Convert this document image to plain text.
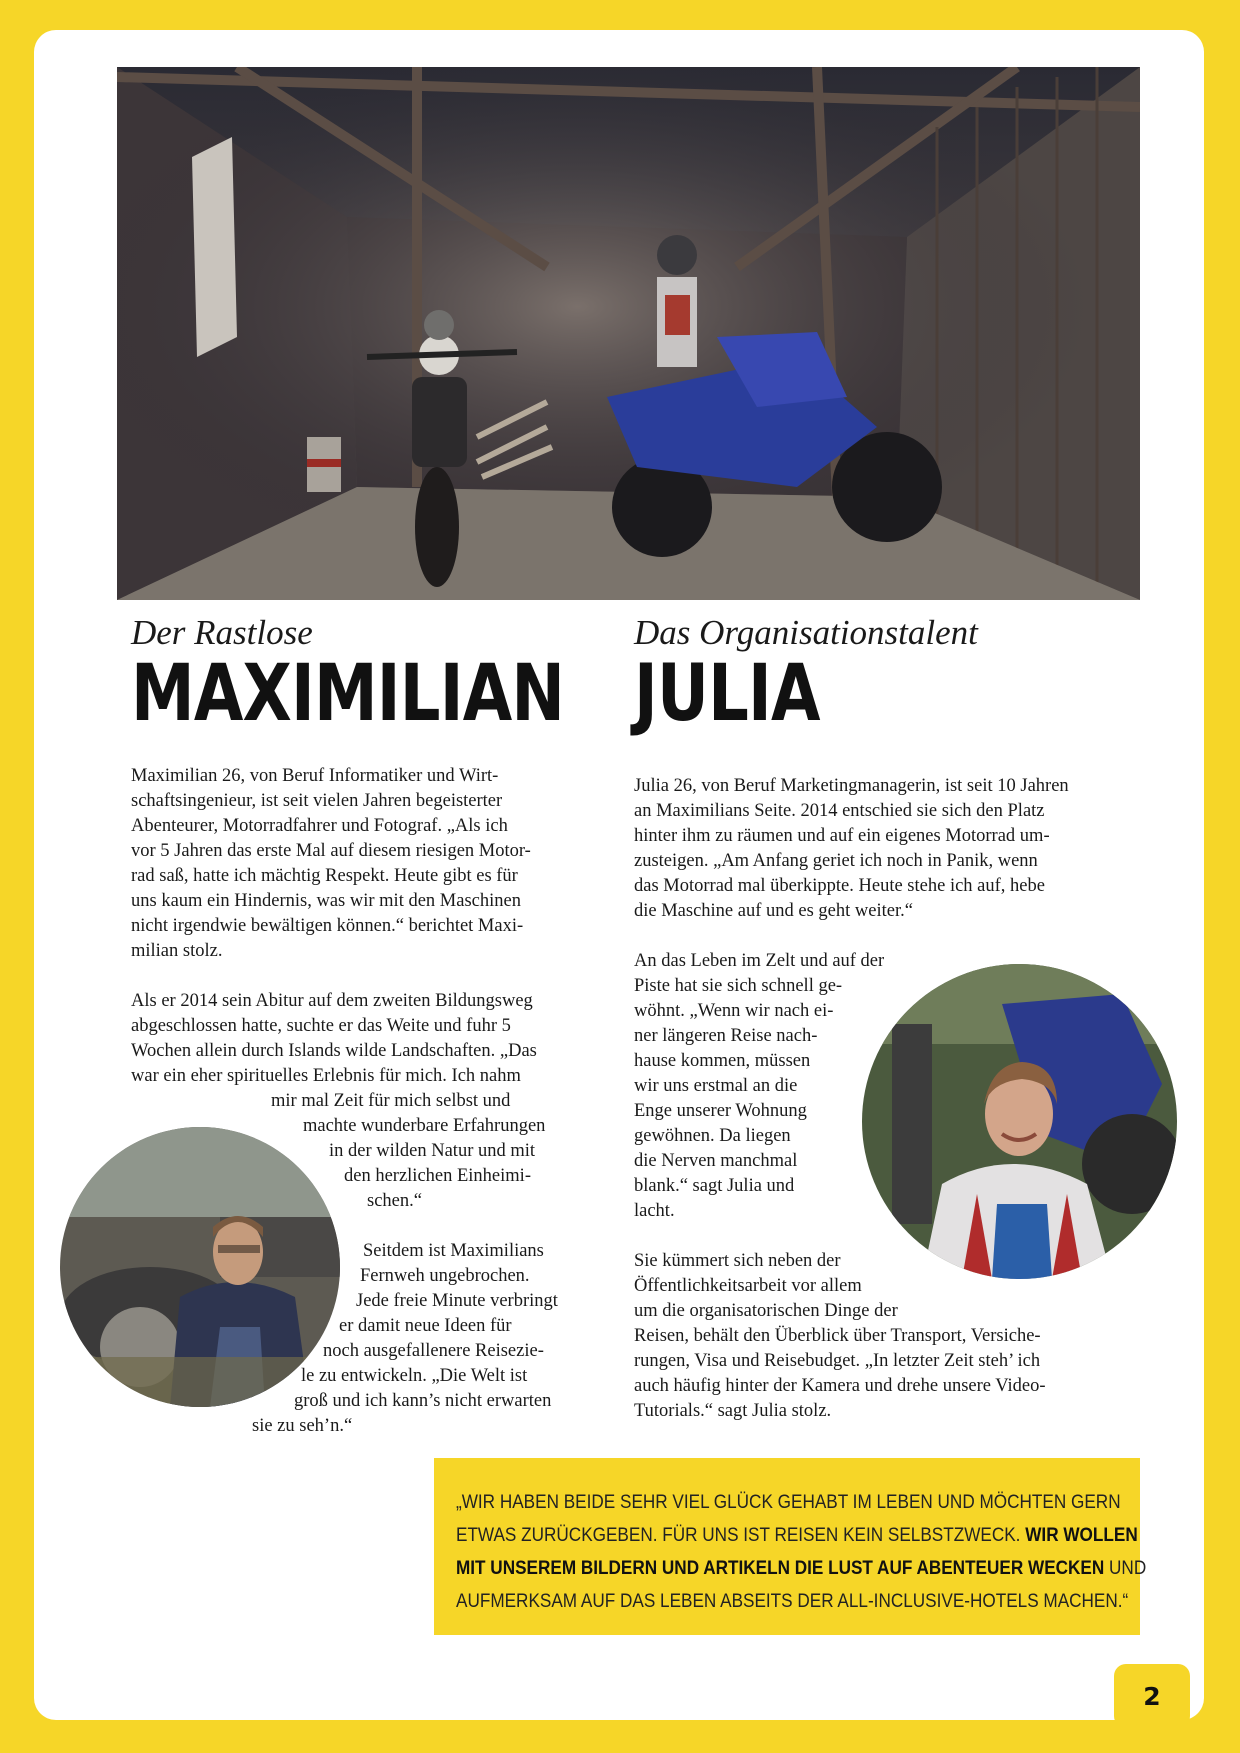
Der Rastlose

MAXIMILIAN

Maximilian 26, von Beruf Informatiker und Wirt-

schaftsingenieur, ist seit vielen Jahren begeisterter

Abenteurer, Motorradfahrer und Fotograf. „Als ich

vor 5 Jahren das erste Mal auf diesem riesigen Motor-

rad saß, hatte ich mächtig Respekt. Heute gibt es für

uns kaum ein Hindernis, was wir mit den Maschinen

nicht irgendwie bewältigen können.“ berichtet Maxi-

milian stolz.

Als er 2014 sein Abitur auf dem zweiten Bildungsweg

abgeschlossen hatte, suchte er das Weite und fuhr 5

Wochen allein durch Islands wilde Landschaften. „Das

war ein eher spirituelles Erlebnis für mich. Ich nahm

mir mal Zeit für mich selbst und

machte wunderbare Erfahrungen

in der wilden Natur und mit

den herzlichen Einheimi-

schen.“

Seitdem ist Maximilians

Fernweh ungebrochen.

Jede freie Minute verbringt

er damit neue Ideen für

noch ausgefallenere Reisezie-

le zu entwickeln. „Die Welt ist

groß und ich kann’s nicht erwarten

sie zu seh’n.“

Das Organisationstalent

JULIA

Julia 26, von Beruf Marketingmanagerin, ist seit 10 Jahren

an Maximilians Seite. 2014 entschied sie sich den Platz

hinter ihm zu räumen und auf ein eigenes Motorrad um-

zusteigen. „Am Anfang geriet ich noch in Panik, wenn

das Motorrad mal überkippte. Heute stehe ich auf, hebe

die Maschine auf und es geht weiter.“

An das Leben im Zelt und auf der

Piste hat sie sich schnell ge-

wöhnt. „Wenn wir nach ei-

ner längeren Reise nach-

hause kommen, müssen

wir uns erstmal an die

Enge unserer Wohnung

gewöhnen. Da liegen

die Nerven manchmal

blank.“ sagt Julia und

lacht.

Sie kümmert sich neben der

Öffentlichkeitsarbeit vor allem

um die organisatorischen Dinge der

Reisen, behält den Überblick über Transport, Versiche-

rungen, Visa und Reisebudget. „In letzter Zeit steh’ ich

auch häufig hinter der Kamera und drehe unsere Video-

Tutorials.“ sagt Julia stolz.

„WIR HABEN BEIDE SEHR VIEL GLÜCK GEHABT IM LEBEN UND MÖCHTEN GERN

ETWAS ZURÜCKGEBEN. FÜR UNS IST REISEN KEIN SELBSTZWECK. WIR WOLLEN

MIT UNSEREM BILDERN UND ARTIKELN DIE LUST AUF ABENTEUER WECKEN UND

AUFMERKSAM AUF DAS LEBEN ABSEITS DER ALL-INCLUSIVE-HOTELS MACHEN.“

2
